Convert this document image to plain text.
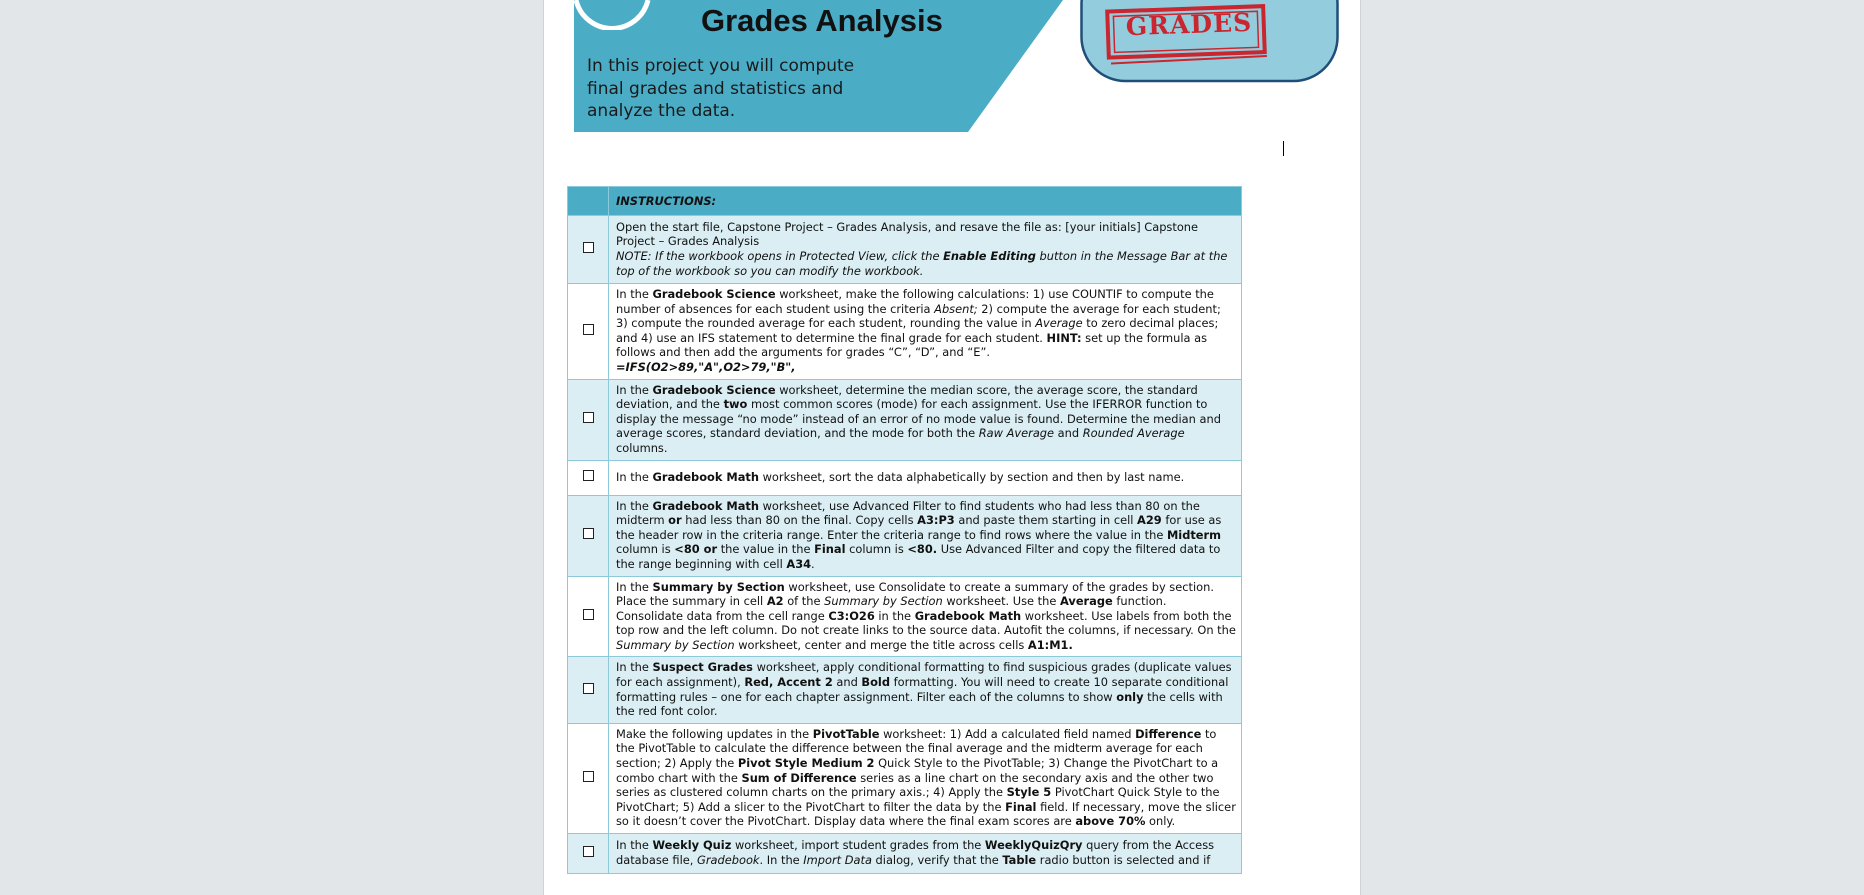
GRADES
Grades Analysis
In this project you will compute final grades and statistics and analyze the data.
	INSTRUCTIONS:
	Open the start file, Capstone Project – Grades Analysis, and resave the file as: [your initials] Capstone Project – Grades Analysis
NOTE: If the workbook opens in Protected View, click the Enable Editing button in the Message Bar at the top of the workbook so you can modify the workbook.
	In the Gradebook Science worksheet, make the following calculations: 1) use COUNTIF to compute the number of absences for each student using the criteria Absent; 2) compute the average for each student; 3) compute the rounded average for each student, rounding the value in Average to zero decimal places; and 4) use an IFS statement to determine the final grade for each student. HINT: set up the formula as follows and then add the arguments for grades “C”, “D”, and “E”.
=IFS(O2>89,"A",O2>79,"B",
	In the Gradebook Science worksheet, determine the median score, the average score, the standard deviation, and the two most common scores (mode) for each assignment. Use the IFERROR function to display the message “no mode” instead of an error of no mode value is found. Determine the median and average scores, standard deviation, and the mode for both the Raw Average and Rounded Average columns.
	In the Gradebook Math worksheet, sort the data alphabetically by section and then by last name.
	In the Gradebook Math worksheet, use Advanced Filter to find students who had less than 80 on the midterm or had less than 80 on the final. Copy cells A3:P3 and paste them starting in cell A29 for use as the header row in the criteria range. Enter the criteria range to find rows where the value in the Midterm column is <80 or the value in the Final column is <80. Use Advanced Filter and copy the filtered data to the range beginning with cell A34.
	In the Summary by Section worksheet, use Consolidate to create a summary of the grades by section. Place the summary in cell A2 of the Summary by Section worksheet. Use the Average function. Consolidate data from the cell range C3:O26 in the Gradebook Math worksheet. Use labels from both the top row and the left column. Do not create links to the source data. Autofit the columns, if necessary. On the Summary by Section worksheet, center and merge the title across cells A1:M1.
	In the Suspect Grades worksheet, apply conditional formatting to find suspicious grades (duplicate values for each assignment), Red, Accent 2 and Bold formatting. You will need to create 10 separate conditional formatting rules – one for each chapter assignment. Filter each of the columns to show only the cells with the red font color.
	Make the following updates in the PivotTable worksheet: 1) Add a calculated field named Difference to the PivotTable to calculate the difference between the final average and the midterm average for each section; 2) Apply the Pivot Style Medium 2 Quick Style to the PivotTable; 3) Change the PivotChart to a combo chart with the Sum of Difference series as a line chart on the secondary axis and the other two series as clustered column charts on the primary axis.; 4) Apply the Style 5 PivotChart Quick Style to the PivotChart; 5) Add a slicer to the PivotChart to filter the data by the Final field. If necessary, move the slicer so it doesn’t cover the PivotChart. Display data where the final exam scores are above 70% only.
	In the Weekly Quiz worksheet, import student grades from the WeeklyQuizQry query from the Access database file, Gradebook. In the Import Data dialog, verify that the Table radio button is selected and if
